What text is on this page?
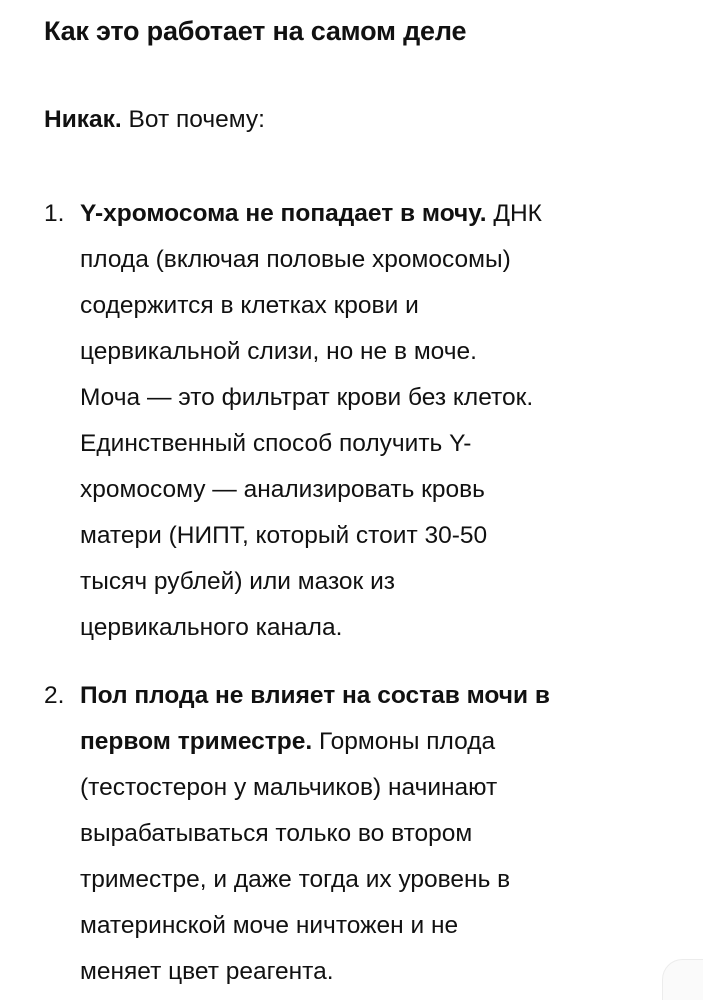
Как это работает на самом деле

Никак. Вот почему:

1. Y-хромосома не попадает в мочу. ДНК
плода (включая половые хромосомы)
содержится в клетках крови и
цервикальной слизи, но не в моче.
Моча — это фильтрат крови без клеток.
Единственный способ получить Y-
хромосому — анализировать кровь
матери (НИПТ, который стоит 30-50
тысяч рублей) или мазок из
цервикального канала.
2. Пол плода не влияет на состав мочи в
первом триместре. Гормоны плода
(тестостерон у мальчиков) начинают
вырабатываться только во втором
триместре, и даже тогда их уровень в
материнской моче ничтожен и не
меняет цвет реагента.
